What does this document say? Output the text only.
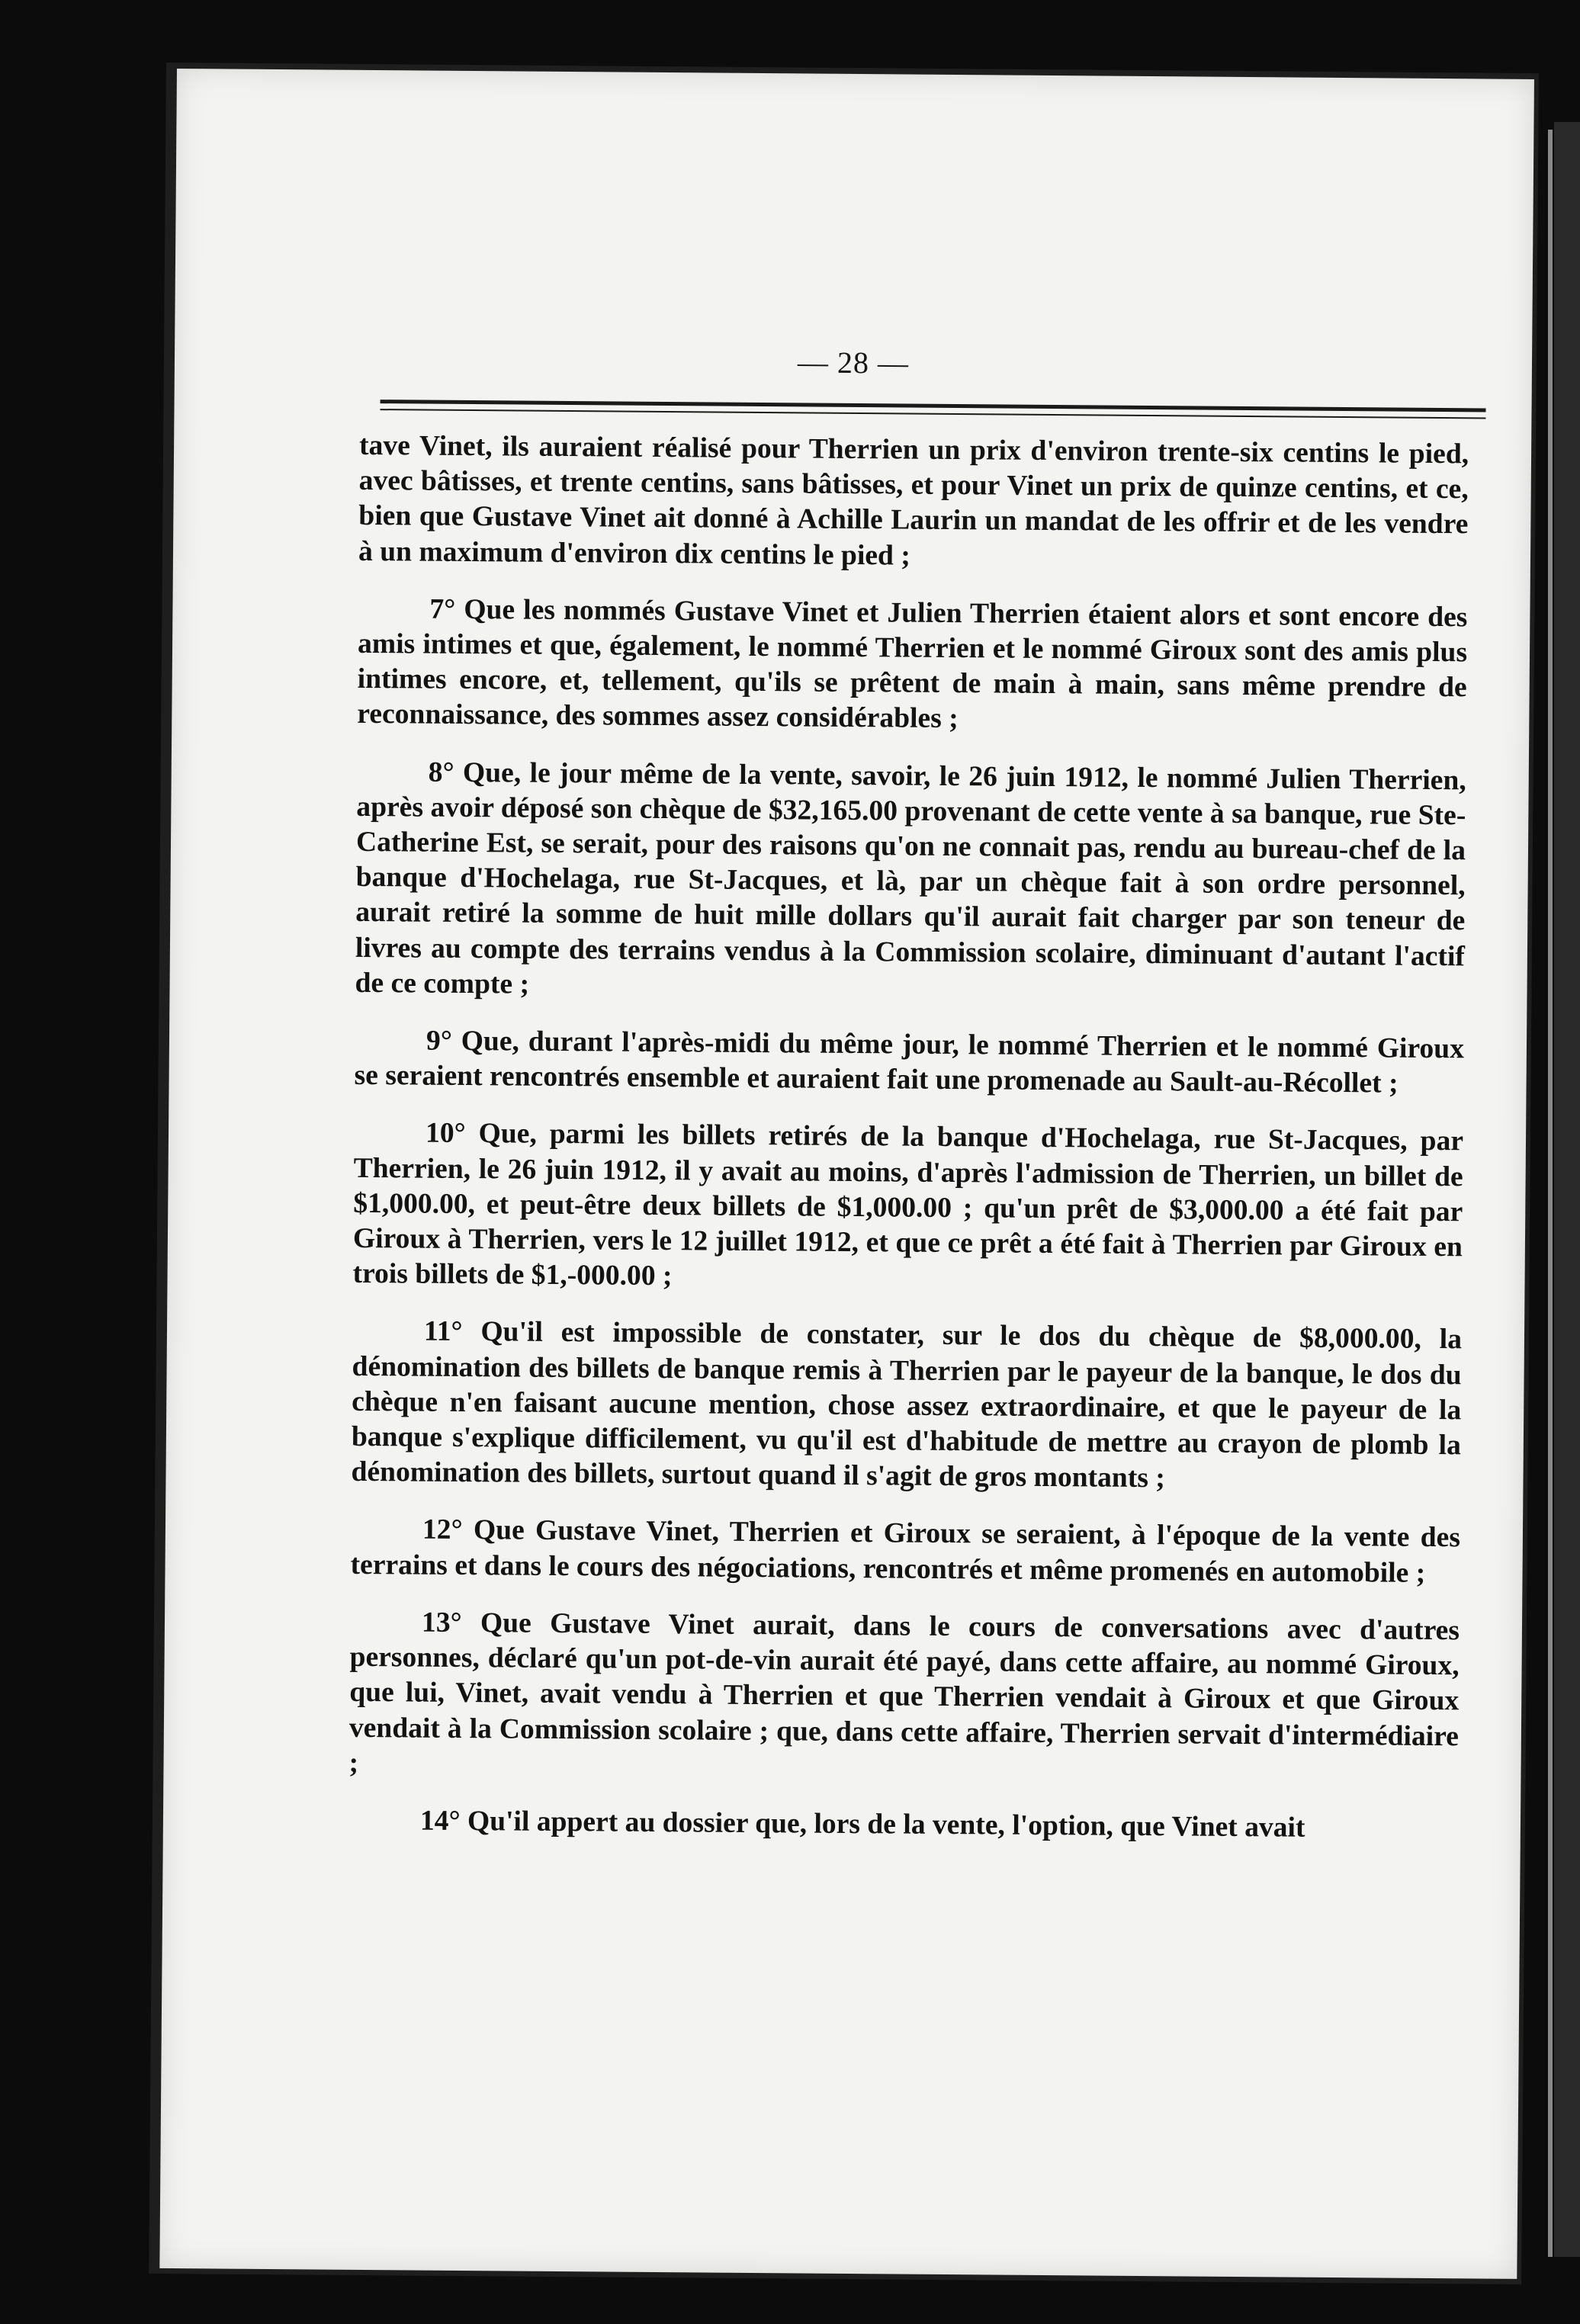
— 28 —

tave Vinet, ils auraient réalisé pour Therrien un prix d'environ trente-six centins le pied, avec bâtisses, et trente centins, sans bâtisses, et pour Vinet un prix de quinze centins, et ce, bien que Gustave Vinet ait donné à Achille Laurin un mandat de les offrir et de les vendre à un maximum d'environ dix centins le pied ;

7° Que les nommés Gustave Vinet et Julien Therrien étaient alors et sont encore des amis intimes et que, également, le nommé Therrien et le nommé Giroux sont des amis plus intimes encore, et, tellement, qu'ils se prêtent de main à main, sans même prendre de reconnaissance, des sommes assez considérables ;

8° Que, le jour même de la vente, savoir, le 26 juin 1912, le nommé Julien Therrien, après avoir déposé son chèque de $32,165.00 provenant de cette vente à sa banque, rue Ste-Catherine Est, se serait, pour des raisons qu'on ne connait pas, rendu au bureau-chef de la banque d'Hochelaga, rue St-Jacques, et là, par un chèque fait à son ordre personnel, aurait retiré la somme de huit mille dollars qu'il aurait fait charger par son teneur de livres au compte des terrains vendus à la Commission scolaire, diminuant d'autant l'actif de ce compte ;

9° Que, durant l'après-midi du même jour, le nommé Therrien et le nommé Giroux se seraient rencontrés ensemble et auraient fait une promenade au Sault-au-Récollet ;

10° Que, parmi les billets retirés de la banque d'Hochelaga, rue St-Jacques, par Therrien, le 26 juin 1912, il y avait au moins, d'après l'admission de Therrien, un billet de $1,000.00, et peut-être deux billets de $1,000.00 ; qu'un prêt de $3,000.00 a été fait par Giroux à Therrien, vers le 12 juillet 1912, et que ce prêt a été fait à Therrien par Giroux en trois billets de $1,-000.00 ;

11° Qu'il est impossible de constater, sur le dos du chèque de $8,000.00, la dénomination des billets de banque remis à Therrien par le payeur de la banque, le dos du chèque n'en faisant aucune mention, chose assez extraordinaire, et que le payeur de la banque s'explique difficilement, vu qu'il est d'habitude de mettre au crayon de plomb la dénomination des billets, surtout quand il s'agit de gros montants ;

12° Que Gustave Vinet, Therrien et Giroux se seraient, à l'époque de la vente des terrains et dans le cours des négociations, rencontrés et même promenés en automobile ;

13° Que Gustave Vinet aurait, dans le cours de conversations avec d'autres personnes, déclaré qu'un pot-de-vin aurait été payé, dans cette affaire, au nommé Giroux, que lui, Vinet, avait vendu à Therrien et que Therrien vendait à Giroux et que Giroux vendait à la Commission scolaire ; que, dans cette affaire, Therrien servait d'intermédiaire ;

14° Qu'il appert au dossier que, lors de la vente, l'option, que Vinet avait
